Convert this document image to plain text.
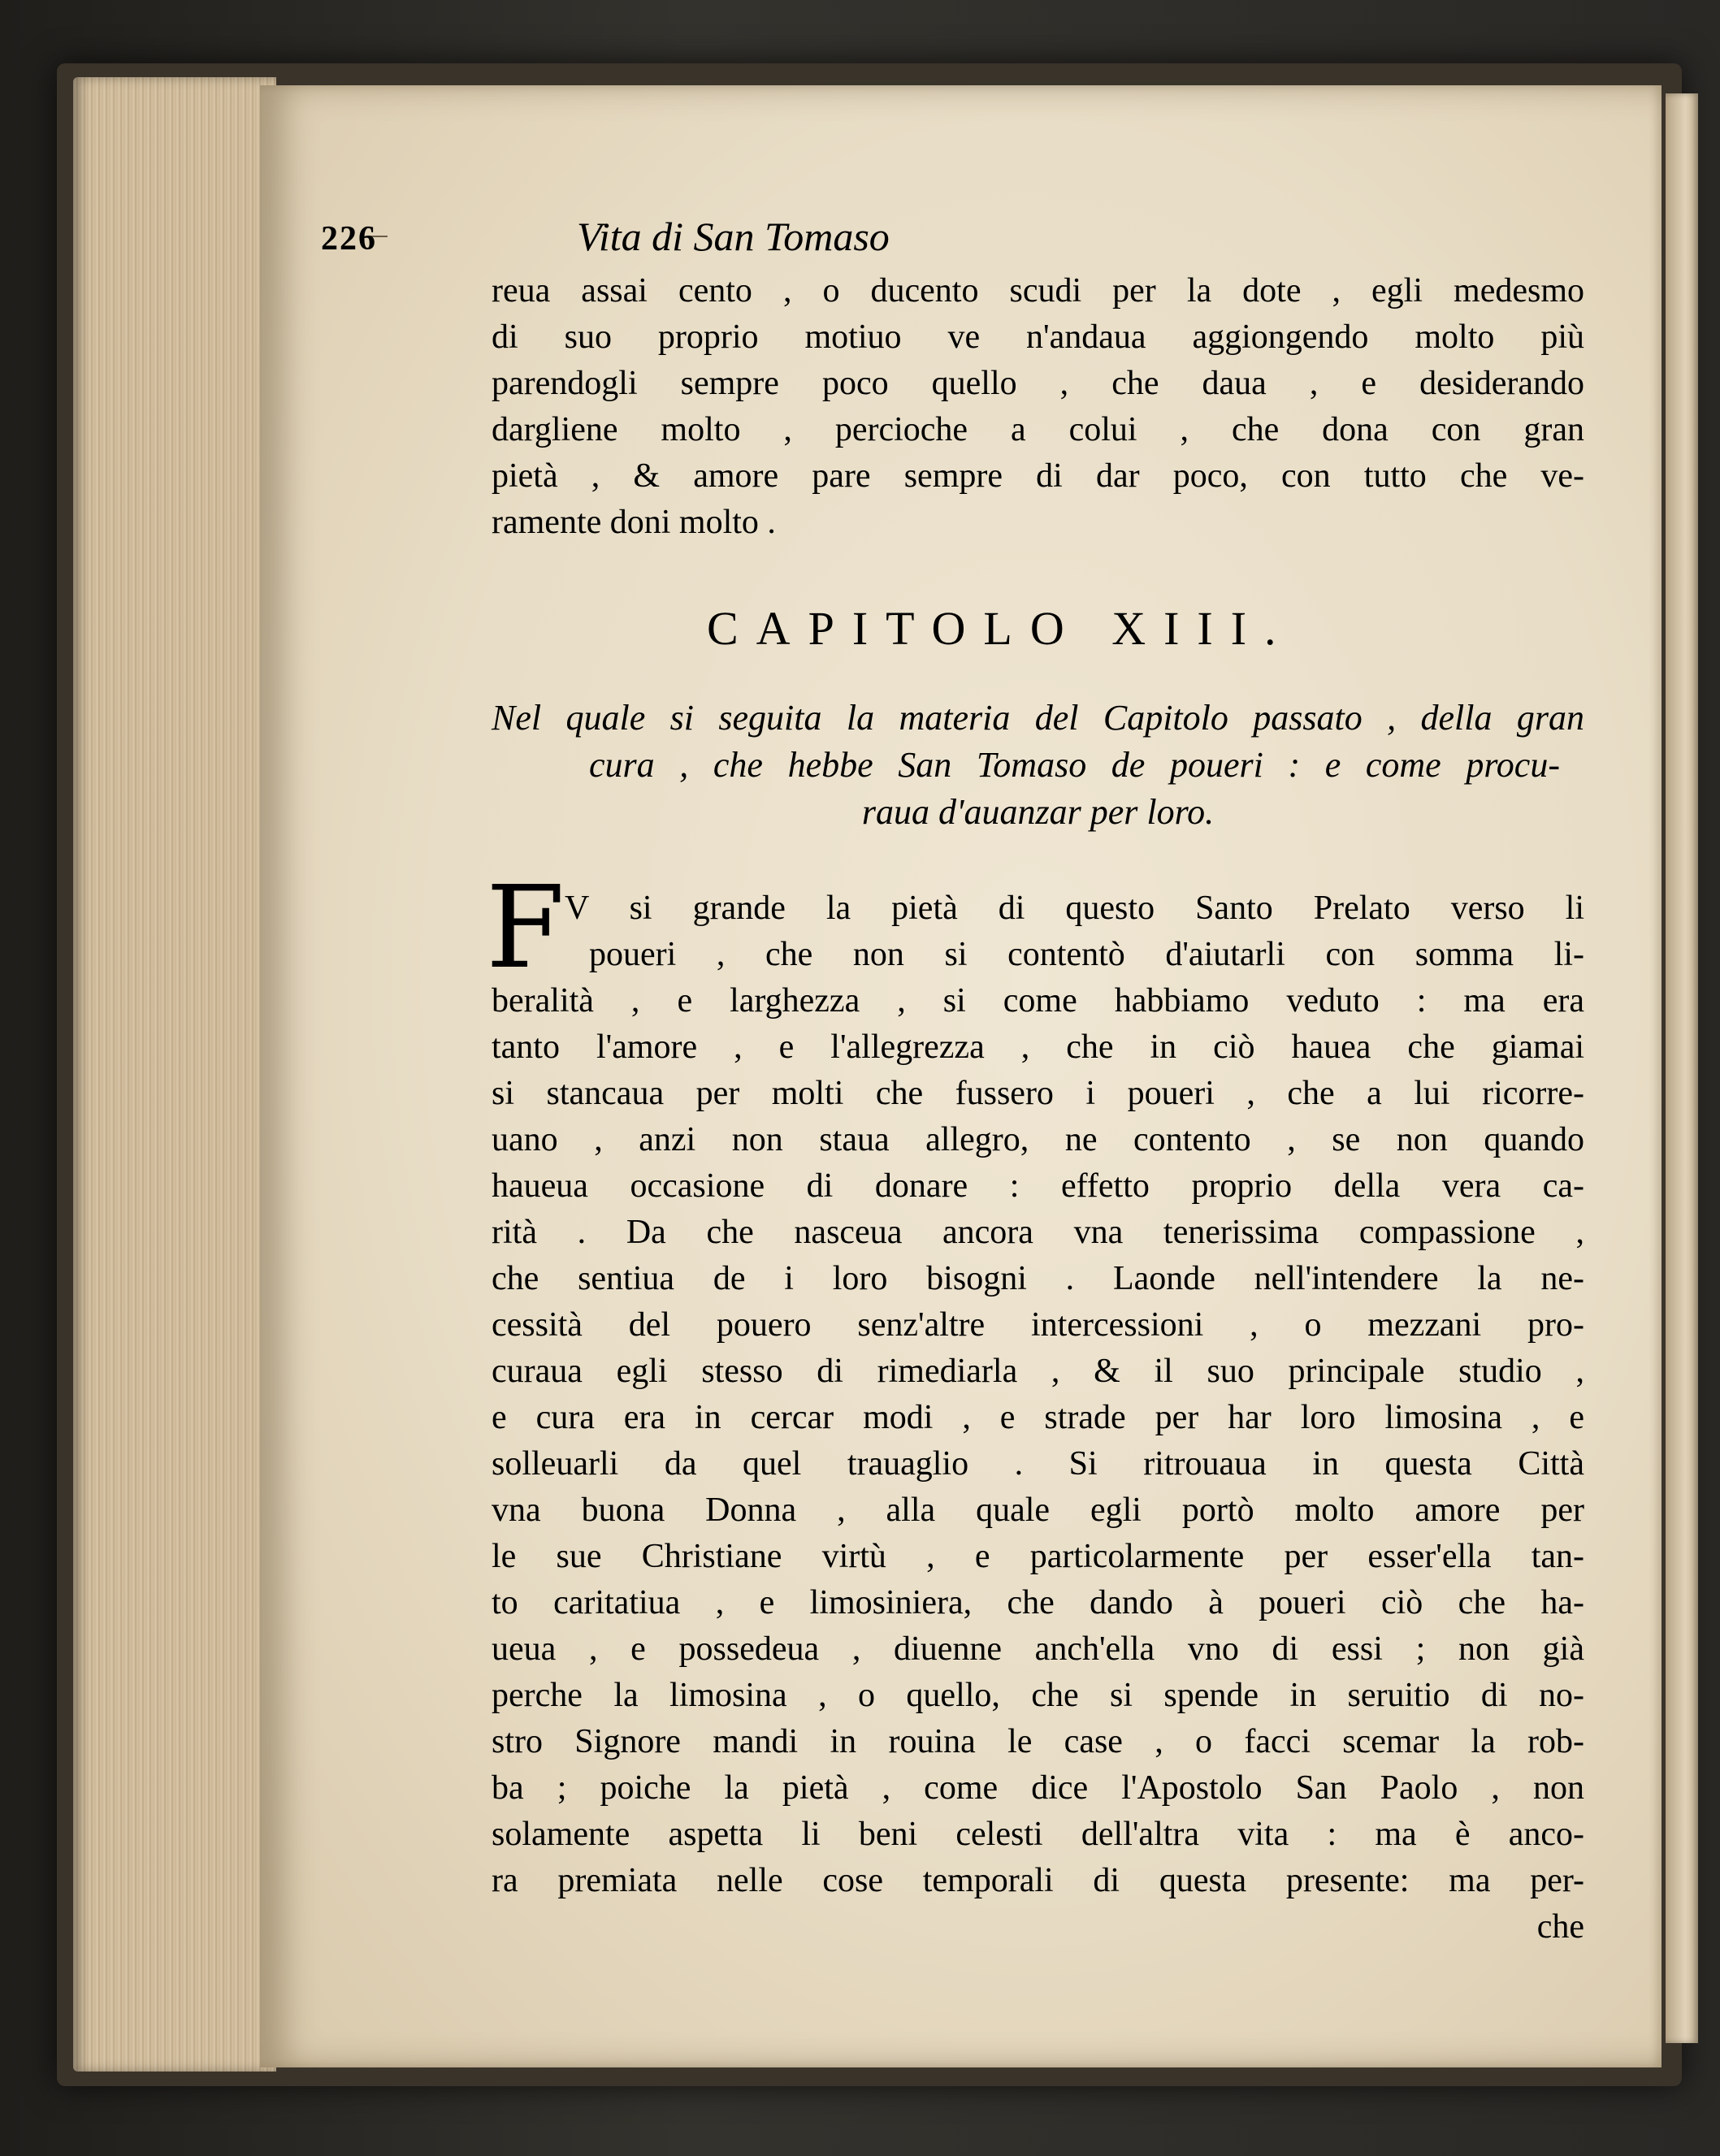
226	Vita di San Tomaso
reua assai cento , o ducento scudi per la dote , egli medesmo
di suo proprio motiuo ve n'andaua aggiongendo molto più
parendogli sempre poco quello , che daua , e desiderando
dargliene molto , percioche a colui , che dona con gran
pietà , & amore pare sempre di dar poco, con tutto che ve-
ramente doni molto .
CAPITOLO XIII.
Nel quale si seguita la materia del Capitolo passato , della gran
cura , che hebbe San Tomaso de poueri : e come procu-
raua d'auanzar per loro.
F V si grande la pietà di questo Santo Prelato verso li
poueri , che non si contentò d'aiutarli con somma li-
beralità , e larghezza , si come habbiamo veduto : ma era
tanto l'amore , e l'allegrezza , che in ciò hauea che giamai
si stancaua per molti che fussero i poueri , che a lui ricorre-
uano , anzi non staua allegro, ne contento , se non quando
haueua occasione di donare : effetto proprio della vera ca-
rità . Da che nasceua ancora vna tenerissima compassione ,
che sentiua de i loro bisogni . Laonde nell'intendere la ne-
cessità del pouero senz'altre intercessioni , o mezzani pro-
curaua egli stesso di rimediarla , & il suo principale studio ,
e cura era in cercar modi , e strade per har loro limosina , e
solleuarli da quel trauaglio . Si ritrouaua in questa Città
vna buona Donna , alla quale egli portò molto amore per
le sue Christiane virtù , e particolarmente per esser'ella tan-
to caritatiua , e limosiniera, che dando à poueri ciò che ha-
ueua , e possedeua , diuenne anch'ella vno di essi ; non già
perche la limosina , o quello, che si spende in seruitio di no-
stro Signore mandi in rouina le case , o facci scemar la rob-
ba ; poiche la pietà , come dice l'Apostolo San Paolo , non
solamente aspetta li beni celesti dell'altra vita : ma è anco-
ra premiata nelle cose temporali di questa presente: ma per-
che
